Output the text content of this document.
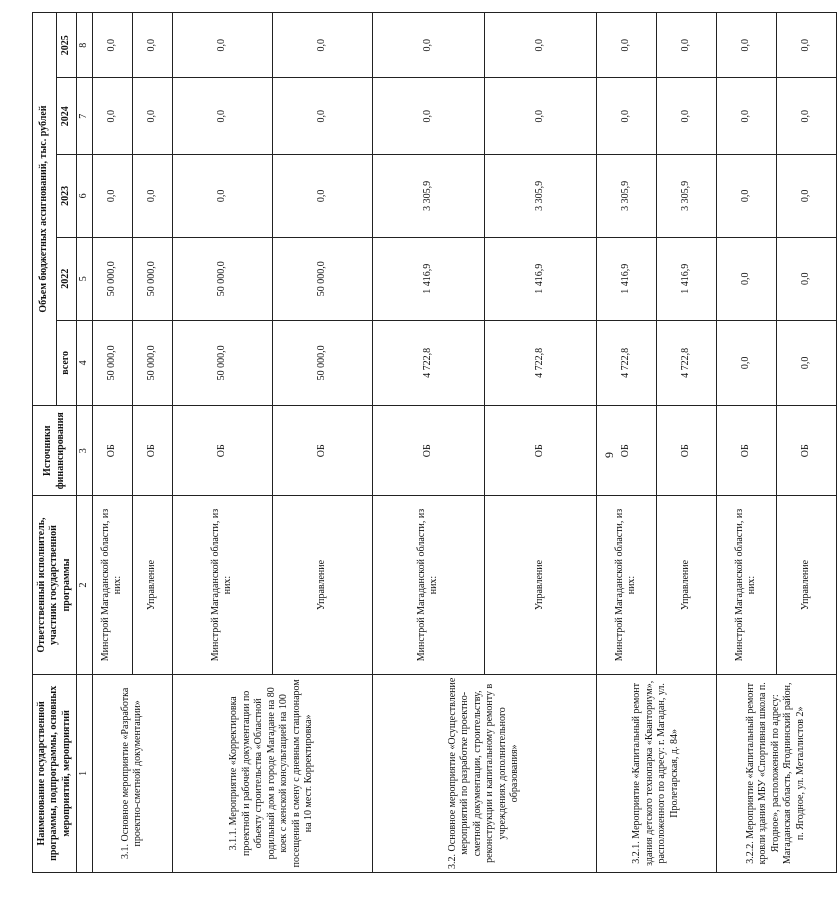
9
Наименование государственной программы, подпрограммы, основных мероприятий, мероприятий	Ответственный исполнитель, участник государственной программы	Источники финансирования	Объем бюджетных ассигнований, тыс. рублей				
			всего	2022	2023	2024	2025
1	2	3	4	5	6	7	8
3.1. Основное мероприятие «Разработка проектно-сметной документации»	Минстрой Магаданской области, из них:	ОБ	50 000,0	50 000,0	0,0	0,0	0,0
	Управление	ОБ	50 000,0	50 000,0	0,0	0,0	0,0
3.1.1. Мероприятие «Корректировка проектной и рабочей документации по объекту строительства «Областной родильный дом в городе Магадане на 80 коек с женской консультацией на 100 посещений в смену с дневным стационаром на 10 мест. Корректировка»	Минстрой Магаданской области, из них:	ОБ	50 000,0	50 000,0	0,0	0,0	0,0
	Управление	ОБ	50 000,0	50 000,0	0,0	0,0	0,0
3.2. Основное мероприятие «Осуществление мероприятий по разработке проектно-сметной документации, строительству, реконструкции и капитальному ремонту в учреждениях дополнительного образования»	Минстрой Магаданской области, из них:	ОБ	4 722,8	1 416,9	3 305,9	0,0	0,0
	Управление	ОБ	4 722,8	1 416,9	3 305,9	0,0	0,0
3.2.1. Мероприятие «Капитальный ремонт здания детского технопарка «Кванториум», расположенного по адресу: г. Магадан, ул. Пролетарская, д. 84»	Минстрой Магаданской области, из них:	ОБ	4 722,8	1 416,9	3 305,9	0,0	0,0
	Управление	ОБ	4 722,8	1 416,9	3 305,9	0,0	0,0
3.2.2. Мероприятие «Капитальный ремонт кровли здания МБУ «Спортивная школа п. Ягодное», расположенной по адресу: Магаданская область, Ягоднинский район, п. Ягодное, ул. Металлистов 2»	Минстрой Магаданской области, из них:	ОБ	0,0	0,0	0,0	0,0	0,0
	Управление	ОБ	0,0	0,0	0,0	0,0	0,0
